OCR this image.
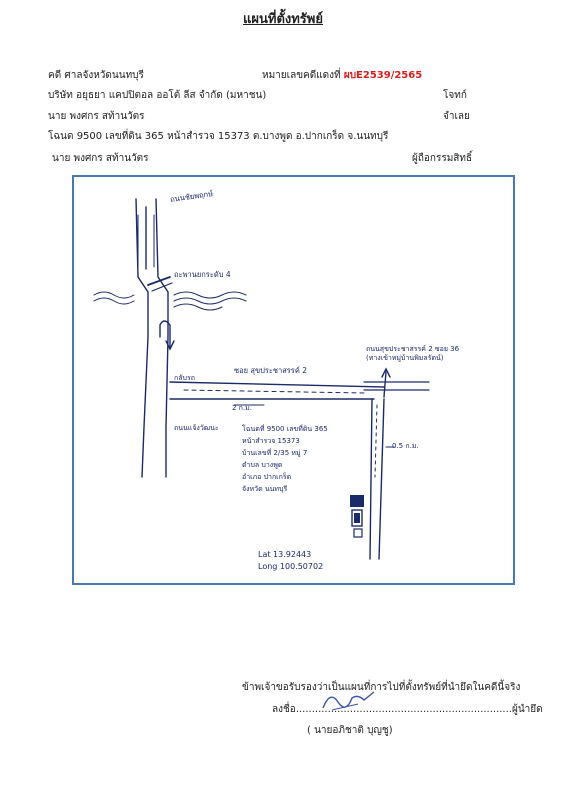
แผนที่ตั้งทรัพย์
คดี ศาลจังหวัดนนทบุรี	หมายเลขคดีแดงที่ ผบE2539/2565
บริษัท อยุธยา แคปปิตอล ออโต้ ลีส จำกัด (มหาชน)	โจทก์
นาย พงศกร สท้านวัตร	จำเลย
โฉนด 9500 เลขที่ดิน 365 หน้าสำรวจ 15373 ต.บางพูด อ.ปากเกร็ด จ.นนทบุรี
นาย พงศกร สท้านวัตร	ผู้ถือกรรมสิทธิ์
ถนนชัยพฤกษ์
ถะพานยกระดับ 4
กลับรถ
ซอย สุขประชาสรรค์ 2
2 ก.ม.
ถนนสุขประชาสรรค์ 2 ซอย 36
(ทางเข้าหมู่บ้านพิมลรัตน์)
0.5 ก.ม.
ถนนแจ้งวัฒนะ	โฉนดที่ 9500 เลขที่ดิน 365
หน้าสำรวจ 15373
บ้านเลขที่ 2/35 หมู่ 7
ตำบล บางพูด
อำเภอ ปากเกร็ด
จังหวัด นนทบุรี
Lat 13.92443
Long 100.50702
ข้าพเจ้าขอรับรองว่าเป็นแผนที่การไปที่ตั้งทรัพย์ที่นำยึดในคดีนี้จริง
ลงชื่อ....................................................................ผู้นำยึด
( นายอภิชาติ บุญชู)
